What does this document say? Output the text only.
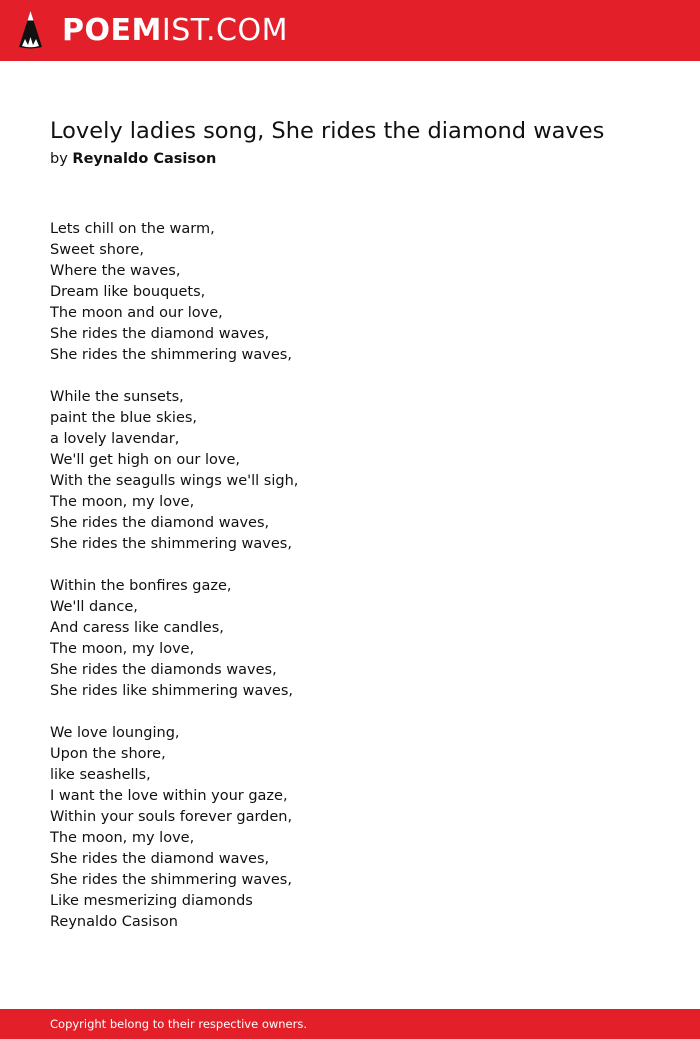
POEMIST.COM
Lovely ladies song, She rides the diamond waves
by Reynaldo Casison
Lets chill on the warm,
Sweet shore,
Where the waves,
Dream like bouquets,
The moon and our love,
She rides the diamond waves,
She rides the shimmering waves,
While the sunsets,
paint the blue skies,
a lovely lavendar,
We'll get high on our love,
With the seagulls wings we'll sigh,
The moon, my love,
She rides the diamond waves,
She rides the shimmering waves,
Within the bonfires gaze,
We'll dance,
And caress like candles,
The moon, my love,
She rides the diamonds waves,
She rides like shimmering waves,
We love lounging,
Upon the shore,
like seashells,
I want the love within your gaze,
Within your souls forever garden,
The moon, my love,
She rides the diamond waves,
She rides the shimmering waves,
Like mesmerizing diamonds
Reynaldo Casison
Copyright belong to their respective owners.
